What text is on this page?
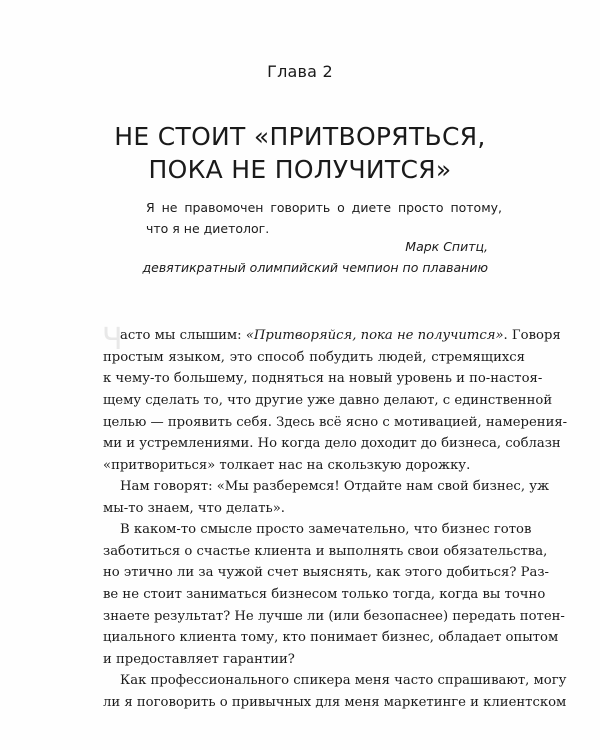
Глава 2
НЕ СТОИТ «ПРИТВОРЯТЬСЯ,
ПОКА НЕ ПОЛУЧИТСЯ»
Я не правомочен говорить о диете просто потому, что я не диетолог.
Марк Спитц,
девятикратный олимпийский чемпион по плаванию
Ч
асто мы слышим: «Притворяйся, пока не получится». Говоря
простым языком, это способ побудить людей, стремящихся
к чему-то большему, подняться на новый уровень и по-настоя-
щему сделать то, что другие уже давно делают, с единственной
целью — проявить себя. Здесь всё ясно с мотивацией, намерения-
ми и устремлениями. Но когда дело доходит до бизнеса, соблазн
«притвориться» толкает нас на скользкую дорожку.
Нам говорят: «Мы разберемся! Отдайте нам свой бизнес, уж
мы-то знаем, что делать».
В каком-то смысле просто замечательно, что бизнес готов
заботиться о счастье клиента и выполнять свои обязательства,
но этично ли за чужой счет выяснять, как этого добиться? Раз-
ве не стоит заниматься бизнесом только тогда, когда вы точно
знаете результат? Не лучше ли (или безопаснее) передать потен-
циального клиента тому, кто понимает бизнес, обладает опытом
и предоставляет гарантии?
Как профессионального спикера меня часто спрашивают, могу
ли я поговорить о привычных для меня маркетинге и клиентском
